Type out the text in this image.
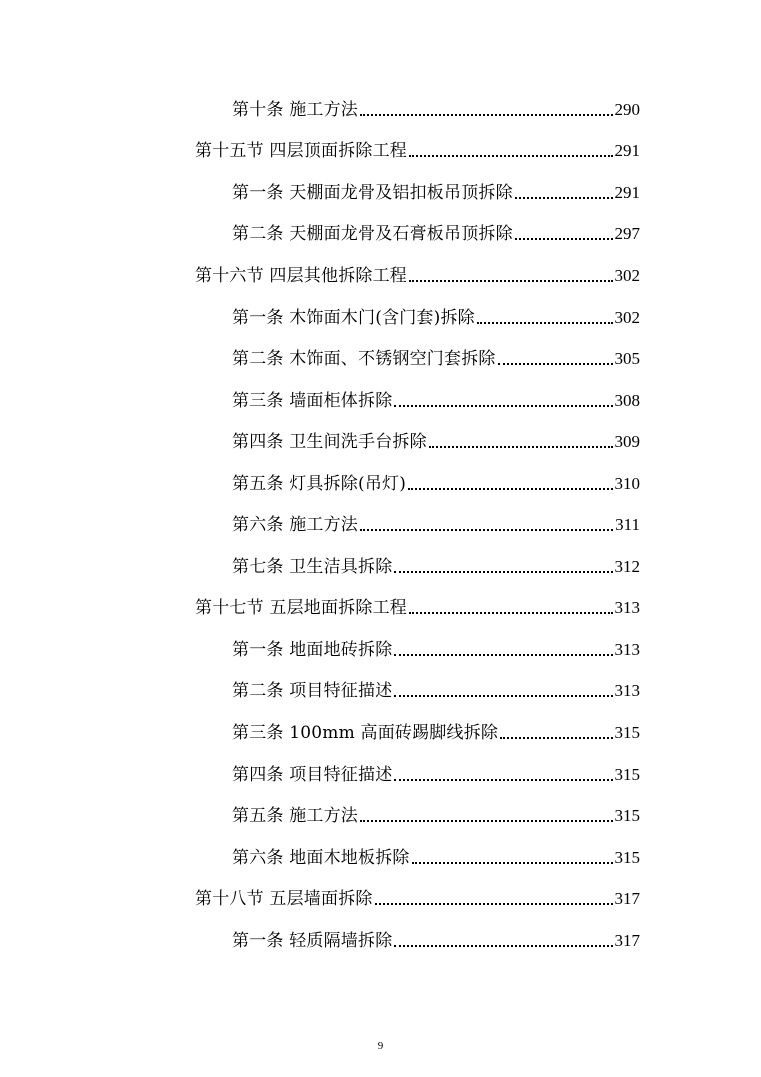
第十条 施工方法	290
第十五节 四层顶面拆除工程	291
第一条 天棚面龙骨及铝扣板吊顶拆除	291
第二条 天棚面龙骨及石膏板吊顶拆除	297
第十六节 四层其他拆除工程	302
第一条 木饰面木门(含门套)拆除	302
第二条 木饰面、不锈钢空门套拆除	305
第三条 墙面柜体拆除	308
第四条 卫生间洗手台拆除	309
第五条 灯具拆除(吊灯)	310
第六条 施工方法	311
第七条 卫生洁具拆除	312
第十七节 五层地面拆除工程	313
第一条 地面地砖拆除	313
第二条 项目特征描述	313
第三条 100mm 高面砖踢脚线拆除	315
第四条 项目特征描述	315
第五条 施工方法	315
第六条 地面木地板拆除	315
第十八节 五层墙面拆除	317
第一条 轻质隔墙拆除	317
9
